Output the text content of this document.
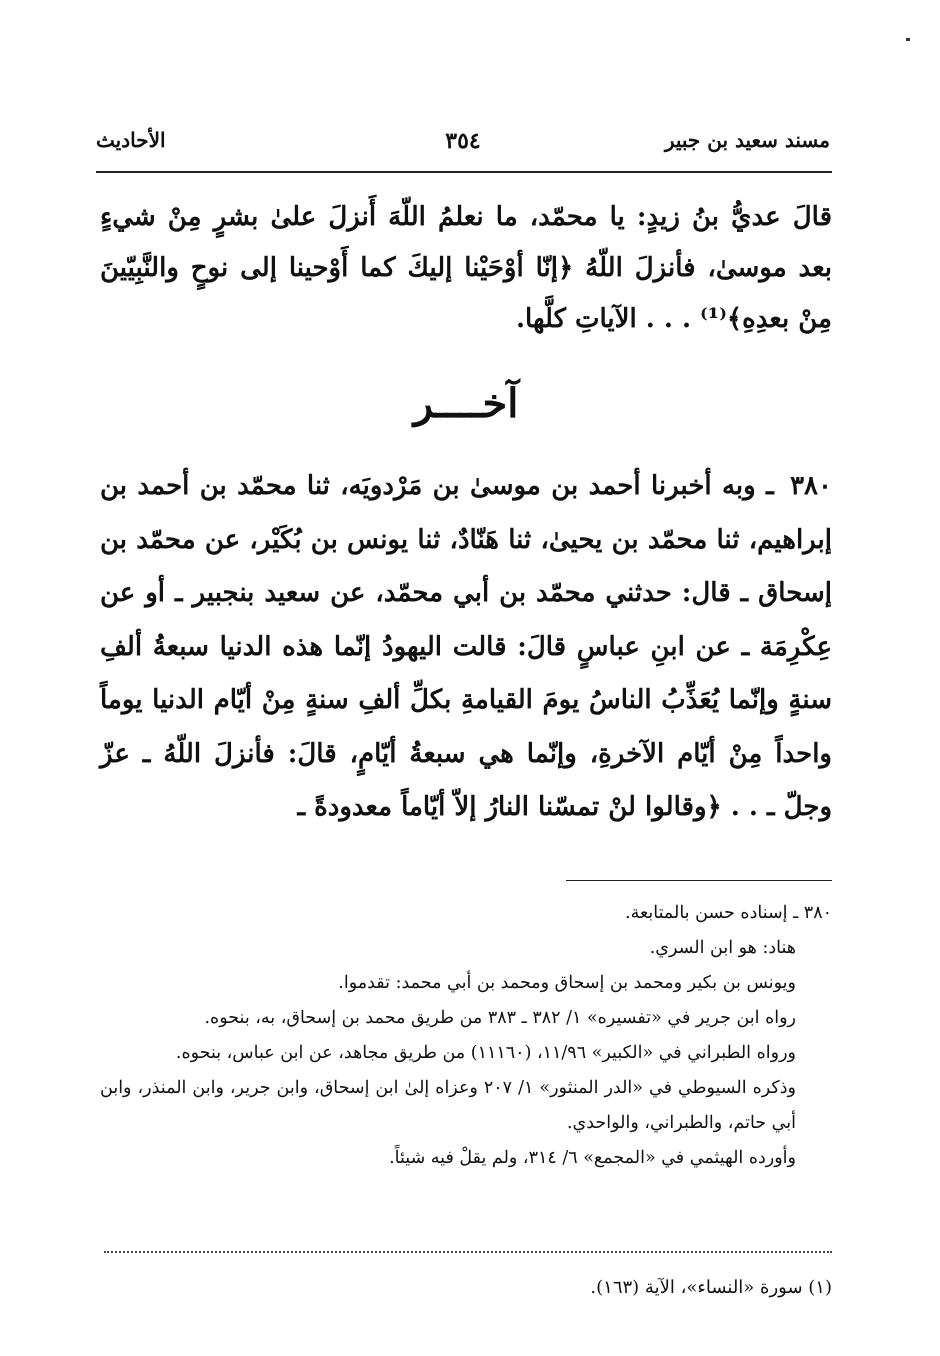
مسند سعيد بن جبير
٣٥٤
الأحاديث

قالَ عديُّ بنُ زيدٍ: يا محمّد، ما نعلمُ اللّهَ أَنزلَ علىٰ بشرٍ مِنْ شيءٍ بعد موسىٰ، فأنزلَ اللّهُ ﴿إنّا أوْحَيْنا إليكَ كما أَوْحينا إلى نوحٍ والنَّبِيّينَ مِنْ بعدِهِ﴾⁽¹⁾ . . . الآياتِ كلَّها.

آخــــر

٣٨٠ ـ وبه أخبرنا أحمد بن موسىٰ بن مَرْدويَه، ثنا محمّد بن أحمد بن إبراهيم، ثنا محمّد بن يحيىٰ، ثنا هَنّادٌ، ثنا يونس بن بُكَيْر، عن محمّد بن إسحاق ـ قال: حدثني محمّد بن أبي محمّد، عن سعيد بنجبير ـ أو عن عِكْرِمَة ـ عن ابنِ عباسٍ قالَ: قالت اليهودُ إنّما هذه الدنيا سبعةُ ألفِ سنةٍ وإنّما يُعَذِّبُ الناسُ يومَ القيامةِ بكلِّ ألفِ سنةٍ مِنْ أيّام الدنيا يوماً واحداً مِنْ أيّام الآخرةِ، وإنّما هي سبعةُ أيّامٍ، قالَ: فأنزلَ اللّهُ ـ عزّ وجلّ ـ . . ﴿وقالوا لنْ تمسّنا النارُ إلاّ أيّاماً معدودةً ـ

٣٨٠ ـ إسناده حسن بالمتابعة.
هناد: هو ابن السري.
ويونس بن بكير ومحمد بن إسحاق ومحمد بن أبي محمد: تقدموا.
رواه ابن جرير في «تفسيره» ١/ ٣٨٢ ـ ٣٨٣ من طريق محمد بن إسحاق، به، بنحوه.
ورواه الطبراني في «الكبير» ١١/٩٦، (١١١٦٠) من طريق مجاهد، عن ابن عباس، بنحوه.
وذكره السيوطي في «الدر المنثور» ١/ ٢٠٧ وعزاه إلىٰ ابن إسحاق، وابن جرير، وابن المنذر، وابن أبي حاتم، والطبراني، والواحدي.
وأورده الهيثمي في «المجمع» ٦/ ٣١٤، ولم يقلْ فيه شيئاً.
(١) سورة «النساء»، الآية (١٦٣).
